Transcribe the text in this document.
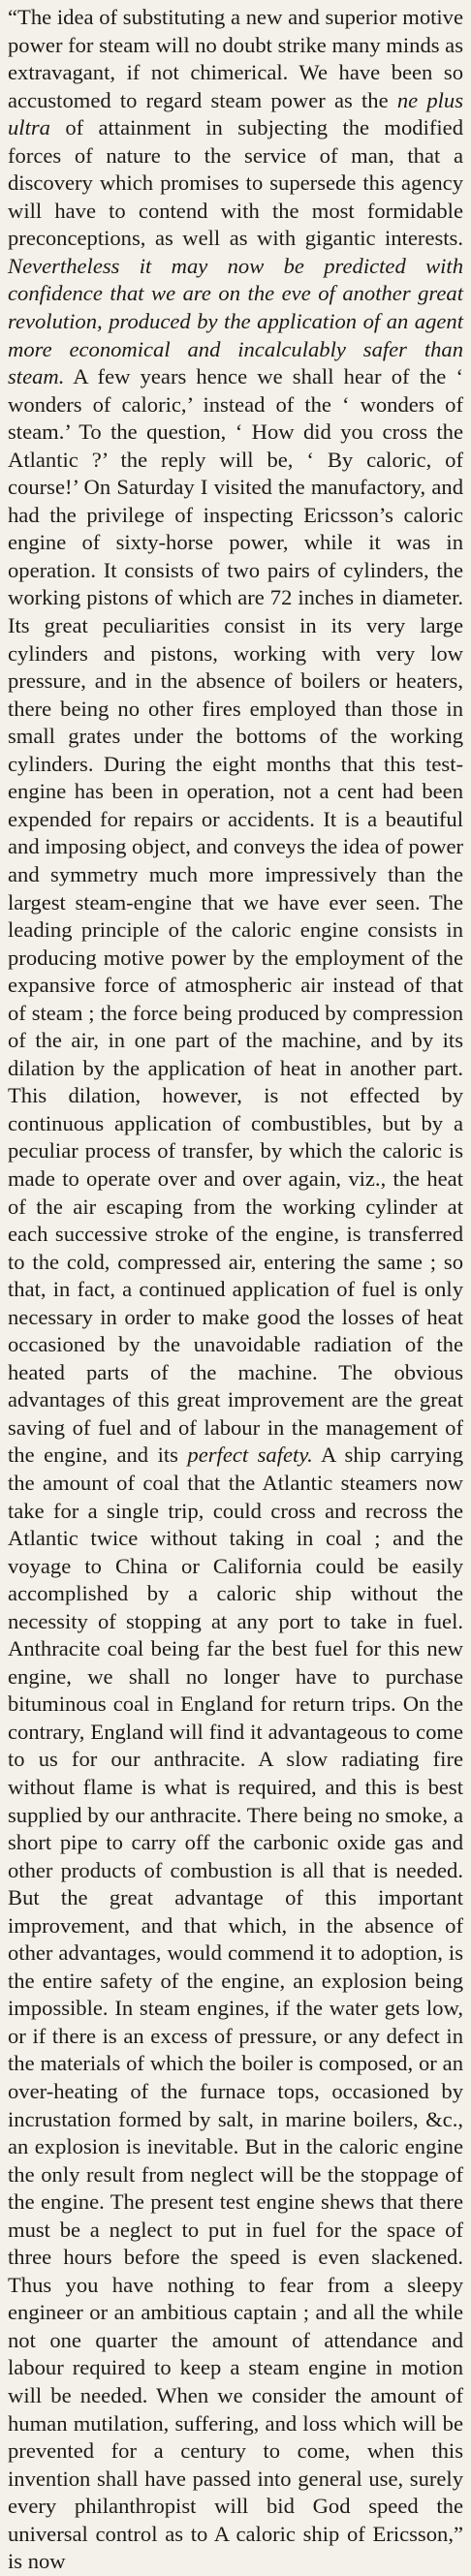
“The idea of substituting a new and superior motive power for steam will no doubt strike many minds as extravagant, if not chimerical. We have been so accustomed to regard steam power as the ne plus ultra of attainment in subjecting the modified forces of nature to the service of man, that a discovery which promises to supersede this agency will have to contend with the most formidable preconceptions, as well as with gigantic interests. Nevertheless it may now be predicted with confidence that we are on the eve of another great revolution, produced by the application of an agent more economical and incalculably safer than steam. A few years hence we shall hear of the ‘ wonders of caloric,’ instead of the ‘ wonders of steam.’ To the question, ‘ How did you cross the Atlantic ?’ the reply will be, ‘ By caloric, of course!’ On Saturday I visited the manufactory, and had the privilege of inspecting Ericsson’s caloric engine of sixty-horse power, while it was in operation. It consists of two pairs of cylinders, the working pistons of which are 72 inches in diameter. Its great peculiarities consist in its very large cylinders and pistons, working with very low pressure, and in the absence of boilers or heaters, there being no other fires employed than those in small grates under the bottoms of the working cylinders. During the eight months that this test-engine has been in operation, not a cent had been expended for repairs or accidents. It is a beautiful and imposing object, and conveys the idea of power and symmetry much more impressively than the largest steam-engine that we have ever seen. The leading principle of the caloric engine consists in producing motive power by the employment of the expansive force of atmospheric air instead of that of steam ; the force being produced by compression of the air, in one part of the machine, and by its dilation by the application of heat in another part. This dilation, however, is not effected by continuous application of combustibles, but by a peculiar process of transfer, by which the caloric is made to operate over and over again, viz., the heat of the air escaping from the working cylinder at each successive stroke of the engine, is transferred to the cold, compressed air, entering the same ; so that, in fact, a continued application of fuel is only necessary in order to make good the losses of heat occasioned by the unavoidable radiation of the heated parts of the machine. The obvious advantages of this great improvement are the great saving of fuel and of labour in the management of the engine, and its perfect safety. A ship carrying the amount of coal that the Atlantic steamers now take for a single trip, could cross and recross the Atlantic twice without taking in coal ; and the voyage to China or California could be easily accomplished by a caloric ship without the necessity of stopping at any port to take in fuel. Anthracite coal being far the best fuel for this new engine, we shall no longer have to purchase bituminous coal in England for return trips. On the contrary, England will find it advantageous to come to us for our anthracite. A slow radiating fire without flame is what is required, and this is best supplied by our anthracite. There being no smoke, a short pipe to carry off the carbonic oxide gas and other products of combustion is all that is needed. But the great advantage of this important improvement, and that which, in the absence of other advantages, would commend it to adoption, is the entire safety of the engine, an explosion being impossible. In steam engines, if the water gets low, or if there is an excess of pressure, or any defect in the materials of which the boiler is composed, or an over-heating of the furnace tops, occasioned by incrustation formed by salt, in marine boilers, &c., an explosion is inevitable. But in the caloric engine the only result from neglect will be the stoppage of the engine. The present test engine shews that there must be a neglect to put in fuel for the space of three hours before the speed is even slackened. Thus you have nothing to fear from a sleepy engineer or an ambitious captain ; and all the while not one quarter the amount of attendance and labour required to keep a steam engine in motion will be needed. When we consider the amount of human mutilation, suffering, and loss which will be prevented for a century to come, when this invention shall have passed into general use, surely every philanthropist will bid God speed the universal control as to A caloric ship of Ericsson,” is now
